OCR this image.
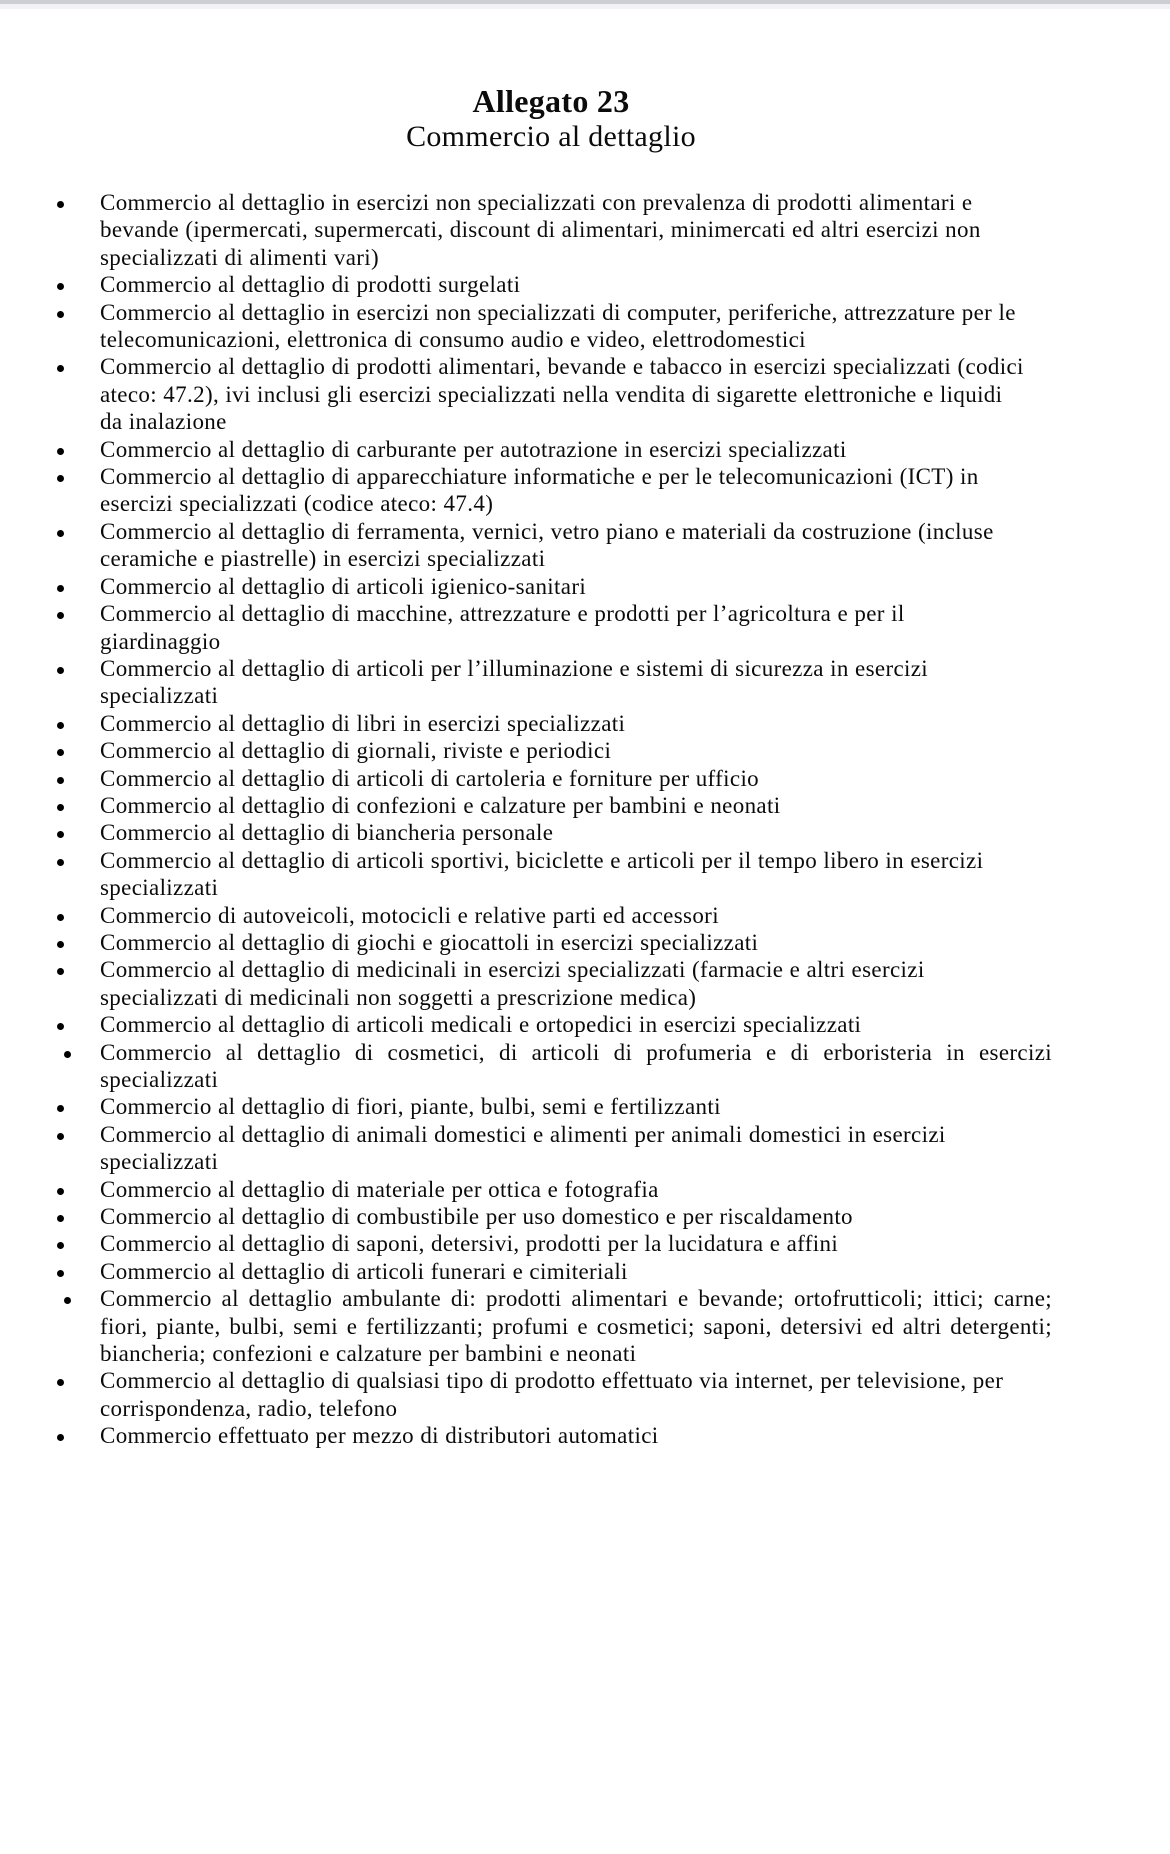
Allegato 23
Commercio al dettaglio
Commercio al dettaglio in esercizi non specializzati con prevalenza di prodotti alimentari e bevande (ipermercati, supermercati, discount di alimentari, minimercati ed altri esercizi non specializzati di alimenti vari)
Commercio al dettaglio di prodotti surgelati
Commercio al dettaglio in esercizi non specializzati di computer, periferiche, attrezzature per le telecomunicazioni, elettronica di consumo audio e video, elettrodomestici
Commercio al dettaglio di prodotti alimentari, bevande e tabacco in esercizi specializzati (codici ateco: 47.2), ivi inclusi gli esercizi specializzati nella vendita di sigarette elettroniche e liquidi da inalazione
Commercio al dettaglio di carburante per autotrazione in esercizi specializzati
Commercio al dettaglio di apparecchiature informatiche e per le telecomunicazioni (ICT) in esercizi specializzati (codice ateco: 47.4)
Commercio al dettaglio di ferramenta, vernici, vetro piano e materiali da costruzione (incluse ceramiche e piastrelle) in esercizi specializzati
Commercio al dettaglio di articoli igienico-sanitari
Commercio al dettaglio di macchine, attrezzature e prodotti per l’agricoltura e per il giardinaggio
Commercio al dettaglio di articoli per l’illuminazione e sistemi di sicurezza in esercizi specializzati
Commercio al dettaglio di libri in esercizi specializzati
Commercio al dettaglio di giornali, riviste e periodici
Commercio al dettaglio di articoli di cartoleria e forniture per ufficio
Commercio al dettaglio di confezioni e calzature per bambini e neonati
Commercio al dettaglio di biancheria personale
Commercio al dettaglio di articoli sportivi, biciclette e articoli per il tempo libero in esercizi specializzati
Commercio di autoveicoli, motocicli e relative parti ed accessori
Commercio al dettaglio di giochi e giocattoli in esercizi specializzati
Commercio al dettaglio di medicinali in esercizi specializzati (farmacie e altri esercizi specializzati di medicinali non soggetti a prescrizione medica)
Commercio al dettaglio di articoli medicali e ortopedici in esercizi specializzati
Commercio al dettaglio di cosmetici, di articoli di profumeria e di erboristeria in esercizi specializzati
Commercio al dettaglio di fiori, piante, bulbi, semi e fertilizzanti
Commercio al dettaglio di animali domestici e alimenti per animali domestici in esercizi specializzati
Commercio al dettaglio di materiale per ottica e fotografia
Commercio al dettaglio di combustibile per uso domestico e per riscaldamento
Commercio al dettaglio di saponi, detersivi, prodotti per la lucidatura e affini
Commercio al dettaglio di articoli funerari e cimiteriali
Commercio al dettaglio ambulante di: prodotti alimentari e bevande; ortofrutticoli; ittici; carne; fiori, piante, bulbi, semi e fertilizzanti; profumi e cosmetici; saponi, detersivi ed altri detergenti; biancheria; confezioni e calzature per bambini e neonati
Commercio al dettaglio di qualsiasi tipo di prodotto effettuato via internet, per televisione, per corrispondenza, radio, telefono
Commercio effettuato per mezzo di distributori automatici
